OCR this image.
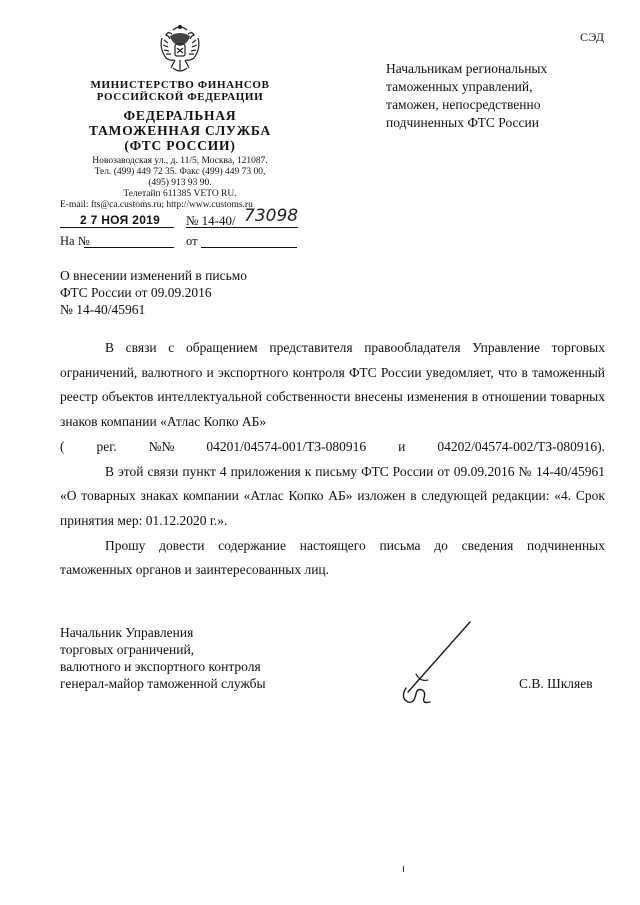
СЭД
МИНИСТЕРСТВО ФИНАНСОВ
РОССИЙСКОЙ ФЕДЕРАЦИИ
ФЕДЕРАЛЬНАЯ
ТАМОЖЕННАЯ СЛУЖБА
(ФТС РОССИИ)
Новозаводская ул., д. 11/5, Москва, 121087.
Тел. (499) 449 72 35. Факс (499) 449 73 00,
(495) 913 93 90.
Телетайп 611385 VETO RU.
E-mail: fts@ca.customs.ru; http://www.customs.ru
2 7 НОЯ 2019 № 14-40/ 73098
На №	от
Начальникам региональных
таможенных управлений,
таможен, непосредственно
подчиненных ФТС России
О внесении изменений в письмо
ФТС России от 09.09.2016
№ 14-40/45961

В связи с обращением представителя правообладателя Управление торговых ограничений, валютного и экспортного контроля ФТС России уведомляет, что в таможенный реестр объектов интеллектуальной собственности внесены изменения в отношении товарных знаков компании «Атлас Копко АБ»

( рег. №№ 04201/04574-001/ТЗ-080916 и 04202/04574-002/ТЗ-080916).

В этой связи пункт 4 приложения к письму ФТС России от 09.09.2016 № 14-40/45961 «О товарных знаках компании «Атлас Копко АБ» изложен в следующей редакции: «4. Срок принятия мер: 01.12.2020 г.».

Прошу довести содержание настоящего письма до сведения подчиненных таможенных органов и заинтересованных лиц.

Начальник Управления
торговых ограничений,
валютного и экспортного контроля
генерал-майор таможенной службы	С.В. Шкляев
